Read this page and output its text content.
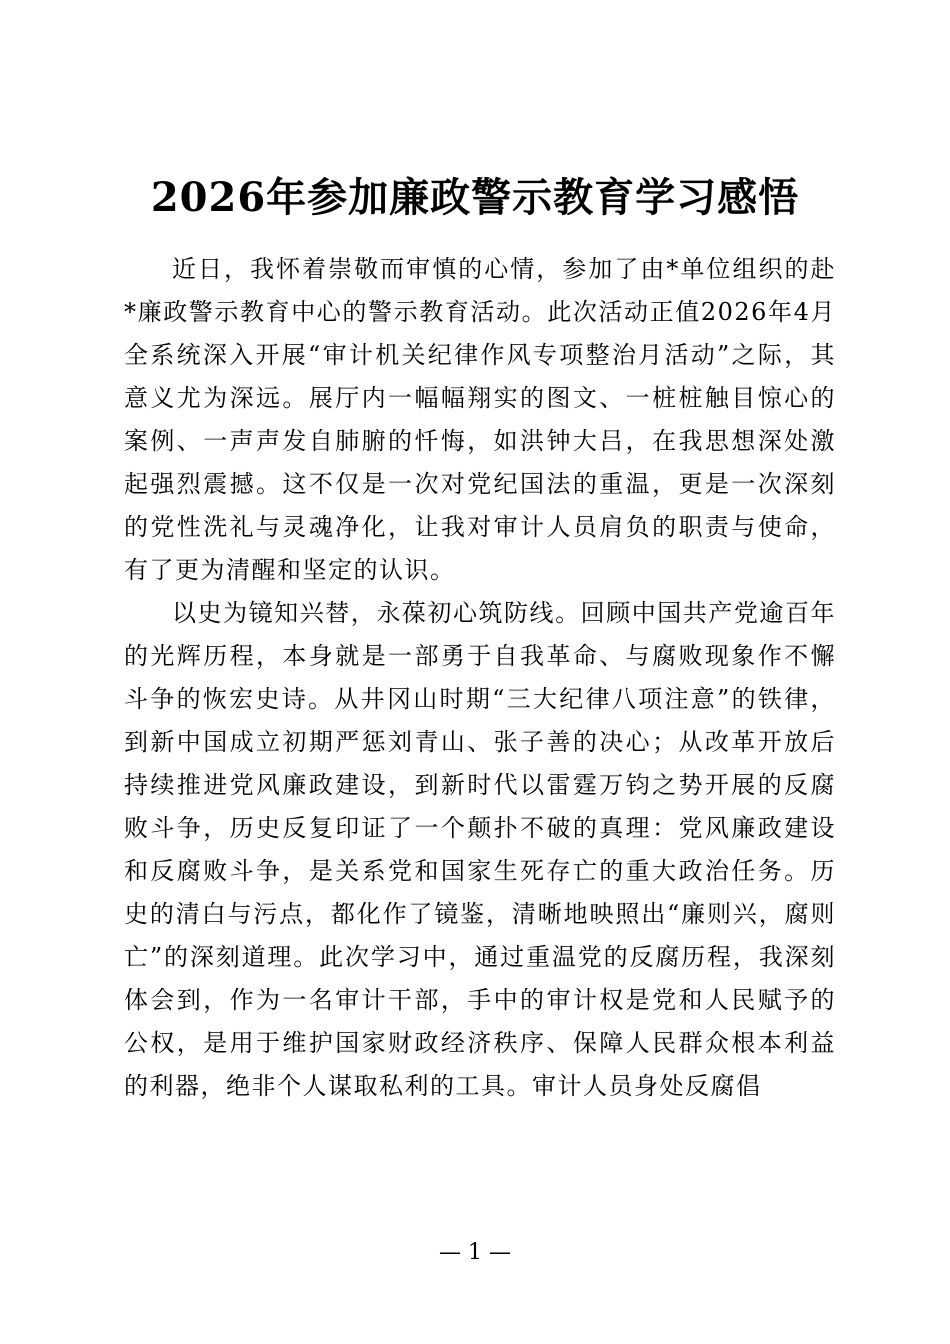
2026年参加廉政警示教育学习感悟

近日，我怀着崇敬而审慎的心情，参加了由*单位组织的赴*廉政警示教育中心的警示教育活动。此次活动正值2026年4月全系统深入开展“审计机关纪律作风专项整治月活动”之际，其意义尤为深远。展厅内一幅幅翔实的图文、一桩桩触目惊心的案例、一声声发自肺腑的忏悔，如洪钟大吕，在我思想深处激起强烈震撼。这不仅是一次对党纪国法的重温，更是一次深刻的党性洗礼与灵魂净化，让我对审计人员肩负的职责与使命，有了更为清醒和坚定的认识。

以史为镜知兴替，永葆初心筑防线。回顾中国共产党逾百年的光辉历程，本身就是一部勇于自我革命、与腐败现象作不懈斗争的恢宏史诗。从井冈山时期“三大纪律八项注意”的铁律，到新中国成立初期严惩刘青山、张子善的决心；从改革开放后持续推进党风廉政建设，到新时代以雷霆万钧之势开展的反腐败斗争，历史反复印证了一个颠扑不破的真理：党风廉政建设和反腐败斗争，是关系党和国家生死存亡的重大政治任务。历史的清白与污点，都化作了镜鉴，清晰地映照出“廉则兴，腐则亡”的深刻道理。此次学习中，通过重温党的反腐历程，我深刻体会到，作为一名审计干部，手中的审计权是党和人民赋予的公权，是用于维护国家财政经济秩序、保障人民群众根本利益的利器，绝非个人谋取私利的工具。审计人员身处反腐倡

— 1 —
